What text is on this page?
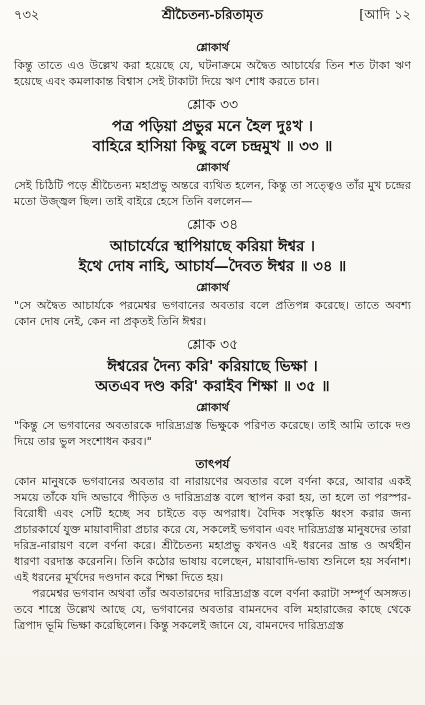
৭৩২	শ্রীচৈতন্য-চরিতামৃত	[আদি ১২
শ্লোকার্থ

কিন্তু তাতে এও উল্লেখ করা হয়েছে যে, ঘটনাক্রমে অদ্বৈত আচার্যের তিন শত টাকা ঋণ হয়েছে এবং কমলাকান্ত বিশ্বাস সেই টাকাটা দিয়ে ঋণ শোধ করতে চান।

শ্লোক ৩৩
পত্র পড়িয়া প্রভুর মনে হৈল দুঃখ ।
বাহিরে হাসিয়া কিছু বলে চন্দ্রমুখ ॥ ৩৩ ॥
শ্লোকার্থ

সেই চিঠিটি পড়ে শ্রীচৈতন্য মহাপ্রভু অন্তরে ব্যথিত হলেন, কিন্তু তা সত্ত্বেও তাঁর মুখ চন্দ্রের মতো উজ্জ্বল ছিল। তাই বাইরে হেসে তিনি বললেন—

শ্লোক ৩৪
আচার্যেরে স্থাপিয়াছে করিয়া ঈশ্বর ।
ইথে দোষ নাহি, আচার্য—দৈবত ঈশ্বর ॥ ৩৪ ॥
শ্লোকার্থ

"সে অদ্বৈত আচার্যকে পরমেশ্বর ভগবানের অবতার বলে প্রতিপন্ন করেছে। তাতে অবশ্য কোন দোষ নেই, কেন না প্রকৃতই তিনি ঈশ্বর।

শ্লোক ৩৫
ঈশ্বরের দৈন্য করি' করিয়াছে ভিক্ষা ।
অতএব দণ্ড করি' করাইব শিক্ষা ॥ ৩৫ ॥
শ্লোকার্থ

"কিন্তু সে ভগবানের অবতারকে দারিদ্র্যগ্রস্ত ভিক্ষুকে পরিণত করেছে। তাই আমি তাকে দণ্ড দিয়ে তার ভুল সংশোধন করব।"

তাৎপর্য

কোন মানুষকে ভগবানের অবতার বা নারায়ণের অবতার বলে বর্ণনা করে, আবার একই সময়ে তাঁকে যদি অভাবে পীড়িত ও দারিদ্র্যগ্রস্ত বলে স্থাপন করা হয়, তা হলে তা পরস্পর-বিরোধী এবং সেটি হচ্ছে সব চাইতে বড় অপরাধ। বৈদিক সংস্কৃতি ধ্বংস করার জন্য প্রচারকার্যে যুক্ত মায়াবাদীরা প্রচার করে যে, সকলেই ভগবান এবং দারিদ্র্যগ্রস্ত মানুষদের তারা দরিদ্র-নারায়ণ বলে বর্ণনা করে। শ্রীচৈতন্য মহাপ্রভু কখনও এই ধরনের ভ্রান্ত ও অর্থহীন ধারণা বরদাস্ত করেননি। তিনি কঠোর ভাষায় বলেছেন, মায়াবাদি-ভাষ্য শুনিলে হয় সর্বনাশ। এই ধরনের মূর্খদের দণ্ডদান করে শিক্ষা দিতে হয়।

পরমেশ্বর ভগবান অথবা তাঁর অবতারদের দারিদ্র্যগ্রস্ত বলে বর্ণনা করাটা সম্পূর্ণ অসঙ্গত। তবে শাস্ত্রে উল্লেখ আছে যে, ভগবানের অবতার বামনদেব বলি মহারাজের কাছে থেকে ত্রিপাদ ভূমি ভিক্ষা করেছিলেন। কিন্তু সকলেই জানে যে, বামনদেব দারিদ্র্যগ্রস্ত
